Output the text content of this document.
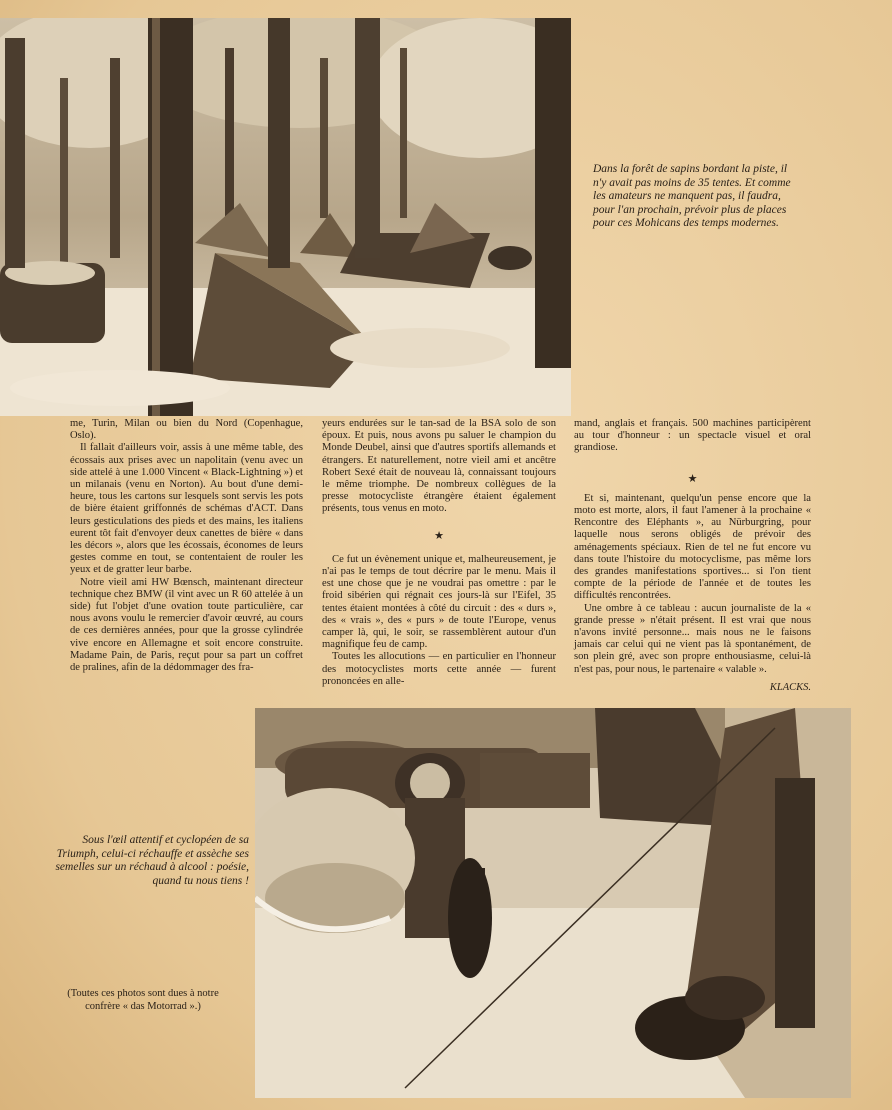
Dans la forêt de sapins bordant la piste, il n'y avait pas moins de 35 tentes. Et comme les amateurs ne manquent pas, il faudra, pour l'an prochain, prévoir plus de places pour ces Mohicans des temps modernes.

me, Turin, Milan ou bien du Nord (Copenhague, Oslo).

Il fallait d'ailleurs voir, assis à une même table, des écossais aux prises avec un napolitain (venu avec un side attelé à une 1.000 Vincent « Black-Lightning ») et un milanais (venu en Norton). Au bout d'une demi-heure, tous les cartons sur lesquels sont servis les pots de bière étaient griffonnés de schémas d'ACT. Dans leurs gesticulations des pieds et des mains, les italiens eurent tôt fait d'envoyer deux canettes de bière « dans les décors », alors que les écossais, économes de leurs gestes comme en tout, se contentaient de rouler les yeux et de gratter leur barbe.

Notre vieil ami HW Bœnsch, maintenant directeur technique chez BMW (il vint avec un R 60 attelée à un side) fut l'objet d'une ovation toute particulière, car nous avons voulu le remercier d'avoir œuvré, au cours de ces dernières années, pour que la grosse cylindrée vive encore en Allemagne et soit encore construite. Madame Pain, de Paris, reçut pour sa part un coffret de pralines, afin de la dédommager des fra-

yeurs endurées sur le tan-sad de la BSA solo de son époux. Et puis, nous avons pu saluer le champion du Monde Deubel, ainsi que d'autres sportifs allemands et étrangers. Et naturellement, notre vieil ami et ancêtre Robert Sexé était de nouveau là, connaissant toujours le même triomphe. De nombreux collègues de la presse motocycliste étrangère étaient également présents, tous venus en moto.

★

Ce fut un évènement unique et, malheureusement, je n'ai pas le temps de tout décrire par le menu. Mais il est une chose que je ne voudrai pas omettre : par le froid sibérien qui régnait ces jours-là sur l'Eifel, 35 tentes étaient montées à côté du circuit : des « durs », des « vrais », des « purs » de toute l'Europe, venus camper là, qui, le soir, se rassemblèrent autour d'un magnifique feu de camp.

Toutes les allocutions — en particulier en l'honneur des motocyclistes morts cette année — furent prononcées en alle-

mand, anglais et français. 500 machines participèrent au tour d'honneur : un spectacle visuel et oral grandiose.

★

Et si, maintenant, quelqu'un pense encore que la moto est morte, alors, il faut l'amener à la prochaine « Rencontre des Eléphants », au Nürburgring, pour laquelle nous serons obligés de prévoir des aménagements spéciaux. Rien de tel ne fut encore vu dans toute l'histoire du motocyclisme, pas même lors des grandes manifestations sportives... si l'on tient compte de la période de l'année et de toutes les difficultés rencontrées.

Une ombre à ce tableau : aucun journaliste de la « grande presse » n'était présent. Il est vrai que nous n'avons invité personne... mais nous ne le faisons jamais car celui qui ne vient pas là spontanément, de son plein gré, avec son propre enthousiasme, celui-là n'est pas, pour nous, le partenaire « valable ».

KLACKS.
Sous l'œil attentif et cyclopéen de sa Triumph, celui-ci réchauffe et assèche ses semelles sur un réchaud à alcool : poésie, quand tu nous tiens !
(Toutes ces photos sont dues à notre confrère « das Motorrad ».)
